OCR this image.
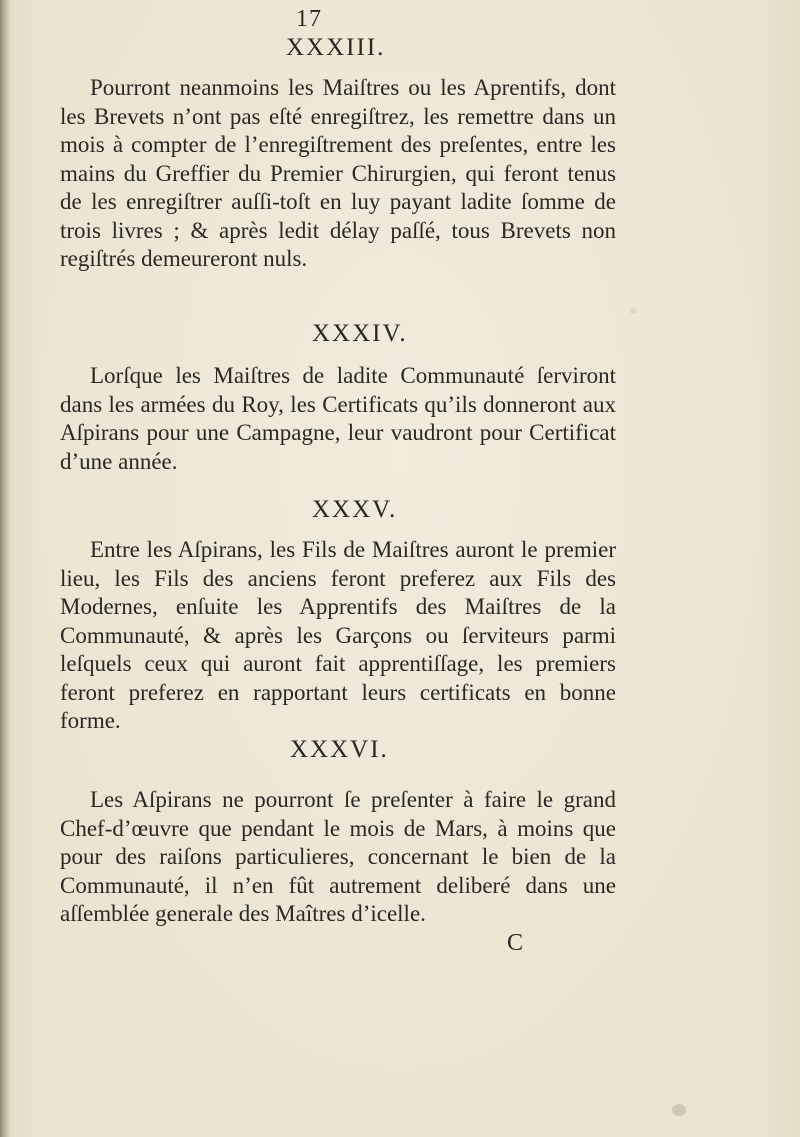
17
XXXIII.

Pourront neanmoins les Maiſtres ou les Aprentifs, dont les Brevets n’ont pas eſté enregiſtrez, les remettre dans un mois à compter de l’enregiſtrement des preſentes, entre les mains du Greffier du Premier Chirurgien, qui feront tenus de les enregiſtrer auſſi-toſt en luy payant ladite ſomme de trois livres ; & après ledit délay paſſé, tous Brevets non regiſtrés demeureront nuls.

XXXIV.

Lorſque les Maiſtres de ladite Communauté ſerviront dans les armées du Roy, les Certificats qu’ils donneront aux Aſpirans pour une Campagne, leur vaudront pour Certificat d’une année.

XXXV.

Entre les Aſpirans, les Fils de Maiſtres auront le premier lieu, les Fils des anciens feront preferez aux Fils des Modernes, enſuite les Apprentifs des Maiſtres de la Communauté, & après les Garçons ou ſerviteurs parmi leſquels ceux qui auront fait apprentiſſage, les premiers feront preferez en rapportant leurs certificats en bonne forme.

XXXVI.

Les Aſpirans ne pourront ſe preſenter à faire le grand Chef-d’œuvre que pendant le mois de Mars, à moins que pour des raiſons particulieres, concernant le bien de la Communauté, il n’en fût autrement deliberé dans une aſſemblée generale des Maîtres d’icelle.

C
